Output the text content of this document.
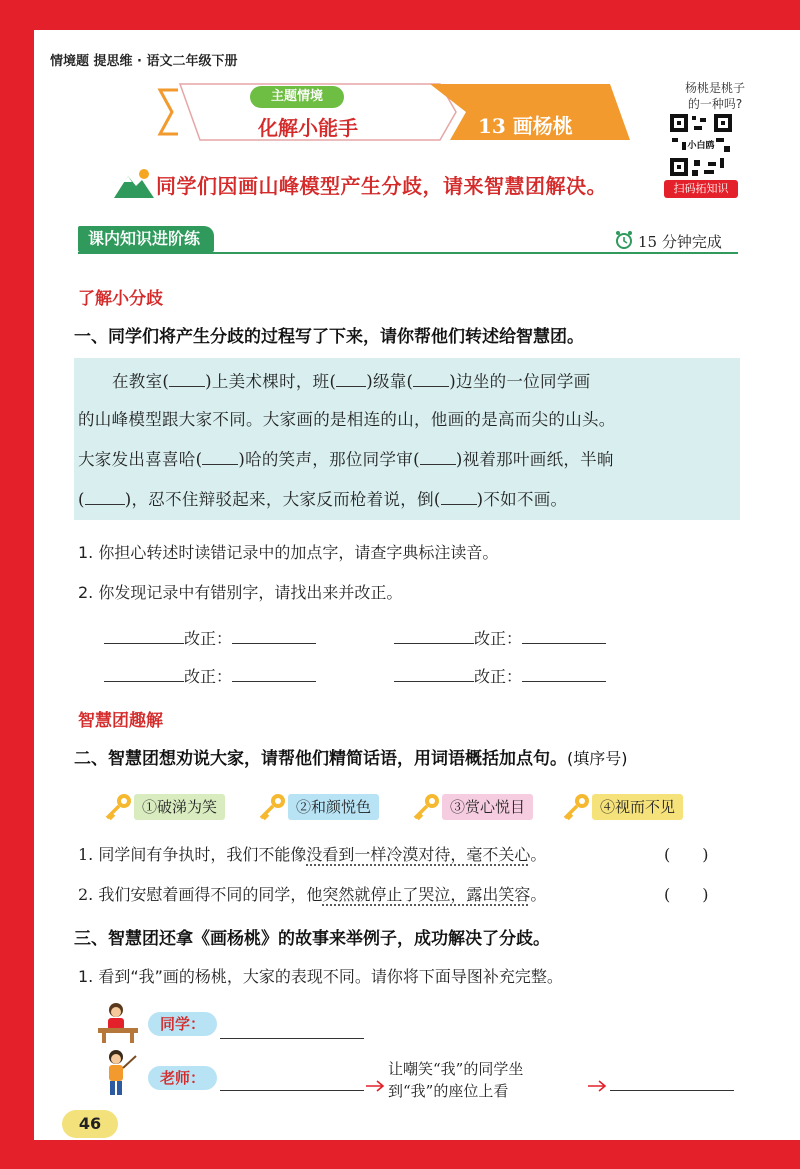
情境题 提思维 · 语文二年级下册
主题情境
化解小能手	13 画杨桃
杨桃是桃子
的一种吗?
小白鸥
扫码拓知识
同学们因画山峰模型产生分歧，请来智慧团解决。
课内知识进阶练	15 分钟完成
了解小分歧
一、同学们将产生分歧的过程写了下来，请你帮他们转述给智慧团。
在教室( )上美术棵时，班( )级靠( )边坐的一位同学画
的山峰模型跟大家不同。大家画的是相连的山，他画的是高而尖的山头。
大家发出喜喜哈( )哈的笑声，那位同学审( )视着那叶画纸，半晌
( )，忍不住辩驳起来，大家反而枪着说，倒( )不如不画。
1. 你担心转述时读错记录中的加点字，请查字典标注读音。
2. 你发现记录中有错别字，请找出来并改正。
改正：	改正：
改正：	改正：
智慧团趣解
二、智慧团想劝说大家，请帮他们精简话语，用词语概括加点句。(填序号)
①破涕为笑	②和颜悦色	③赏心悦目	④视而不见
1. 同学间有争执时，我们不能像没看到一样冷漠对待，毫不关心。	(　　)
2. 我们安慰着画得不同的同学，他突然就停止了哭泣，露出笑容。	(　　)
三、智慧团还拿《画杨桃》的故事来举例子，成功解决了分歧。
1. 看到“我”画的杨桃，大家的表现不同。请你将下面导图补充完整。
同学：
老师：	让嘲笑“我”的同学坐
到“我”的座位上看
46
